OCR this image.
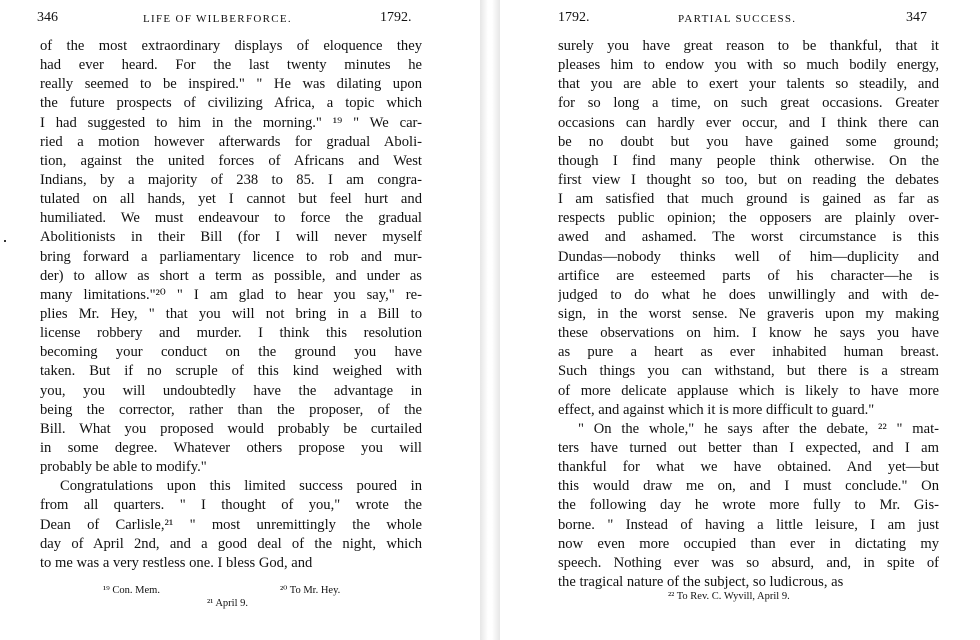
346	LIFE OF WILBERFORCE.	1792.
of the most extraordinary displays of eloquence they
had ever heard. For the last twenty minutes he
really seemed to be inspired." " He was dilating upon
the future prospects of civilizing Africa, a topic which
I had suggested to him in the morning." ¹⁹ " We car-
ried a motion however afterwards for gradual Aboli-
tion, against the united forces of Africans and West
Indians, by a majority of 238 to 85. I am congra-
tulated on all hands, yet I cannot but feel hurt and
humiliated. We must endeavour to force the gradual
Abolitionists in their Bill (for I will never myself
bring forward a parliamentary licence to rob and mur-
der) to allow as short a term as possible, and under as
many limitations."²⁰ " I am glad to hear you say," re-
plies Mr. Hey, " that you will not bring in a Bill to
license robbery and murder. I think this resolution
becoming your conduct on the ground you have
taken. But if no scruple of this kind weighed with
you, you will undoubtedly have the advantage in
being the corrector, rather than the proposer, of the
Bill. What you proposed would probably be curtailed
in some degree. Whatever others propose you will
probably be able to modify."
Congratulations upon this limited success poured in
from all quarters. " I thought of you," wrote the
Dean of Carlisle,²¹ " most unremittingly the whole
day of April 2nd, and a good deal of the night, which
to me was a very restless one. I bless God, and
¹⁹ Con. Mem.	²⁰ To Mr. Hey.
²¹ April 9.
1792.	PARTIAL SUCCESS.	347
surely you have great reason to be thankful, that it
pleases him to endow you with so much bodily energy,
that you are able to exert your talents so steadily, and
for so long a time, on such great occasions. Greater
occasions can hardly ever occur, and I think there can
be no doubt but you have gained some ground;
though I find many people think otherwise. On the
first view I thought so too, but on reading the debates
I am satisfied that much ground is gained as far as
respects public opinion; the opposers are plainly over-
awed and ashamed. The worst circumstance is this
Dundas—nobody thinks well of him—duplicity and
artifice are esteemed parts of his character—he is
judged to do what he does unwillingly and with de-
sign, in the worst sense. Ne graveris upon my making
these observations on him. I know he says you have
as pure a heart as ever inhabited human breast.
Such things you can withstand, but there is a stream
of more delicate applause which is likely to have more
effect, and against which it is more difficult to guard."
" On the whole," he says after the debate, ²² " mat-
ters have turned out better than I expected, and I am
thankful for what we have obtained. And yet—but
this would draw me on, and I must conclude." On
the following day he wrote more fully to Mr. Gis-
borne. " Instead of having a little leisure, I am just
now even more occupied than ever in dictating my
speech. Nothing ever was so absurd, and, in spite of
the tragical nature of the subject, so ludicrous, as
²² To Rev. C. Wyvill, April 9.
